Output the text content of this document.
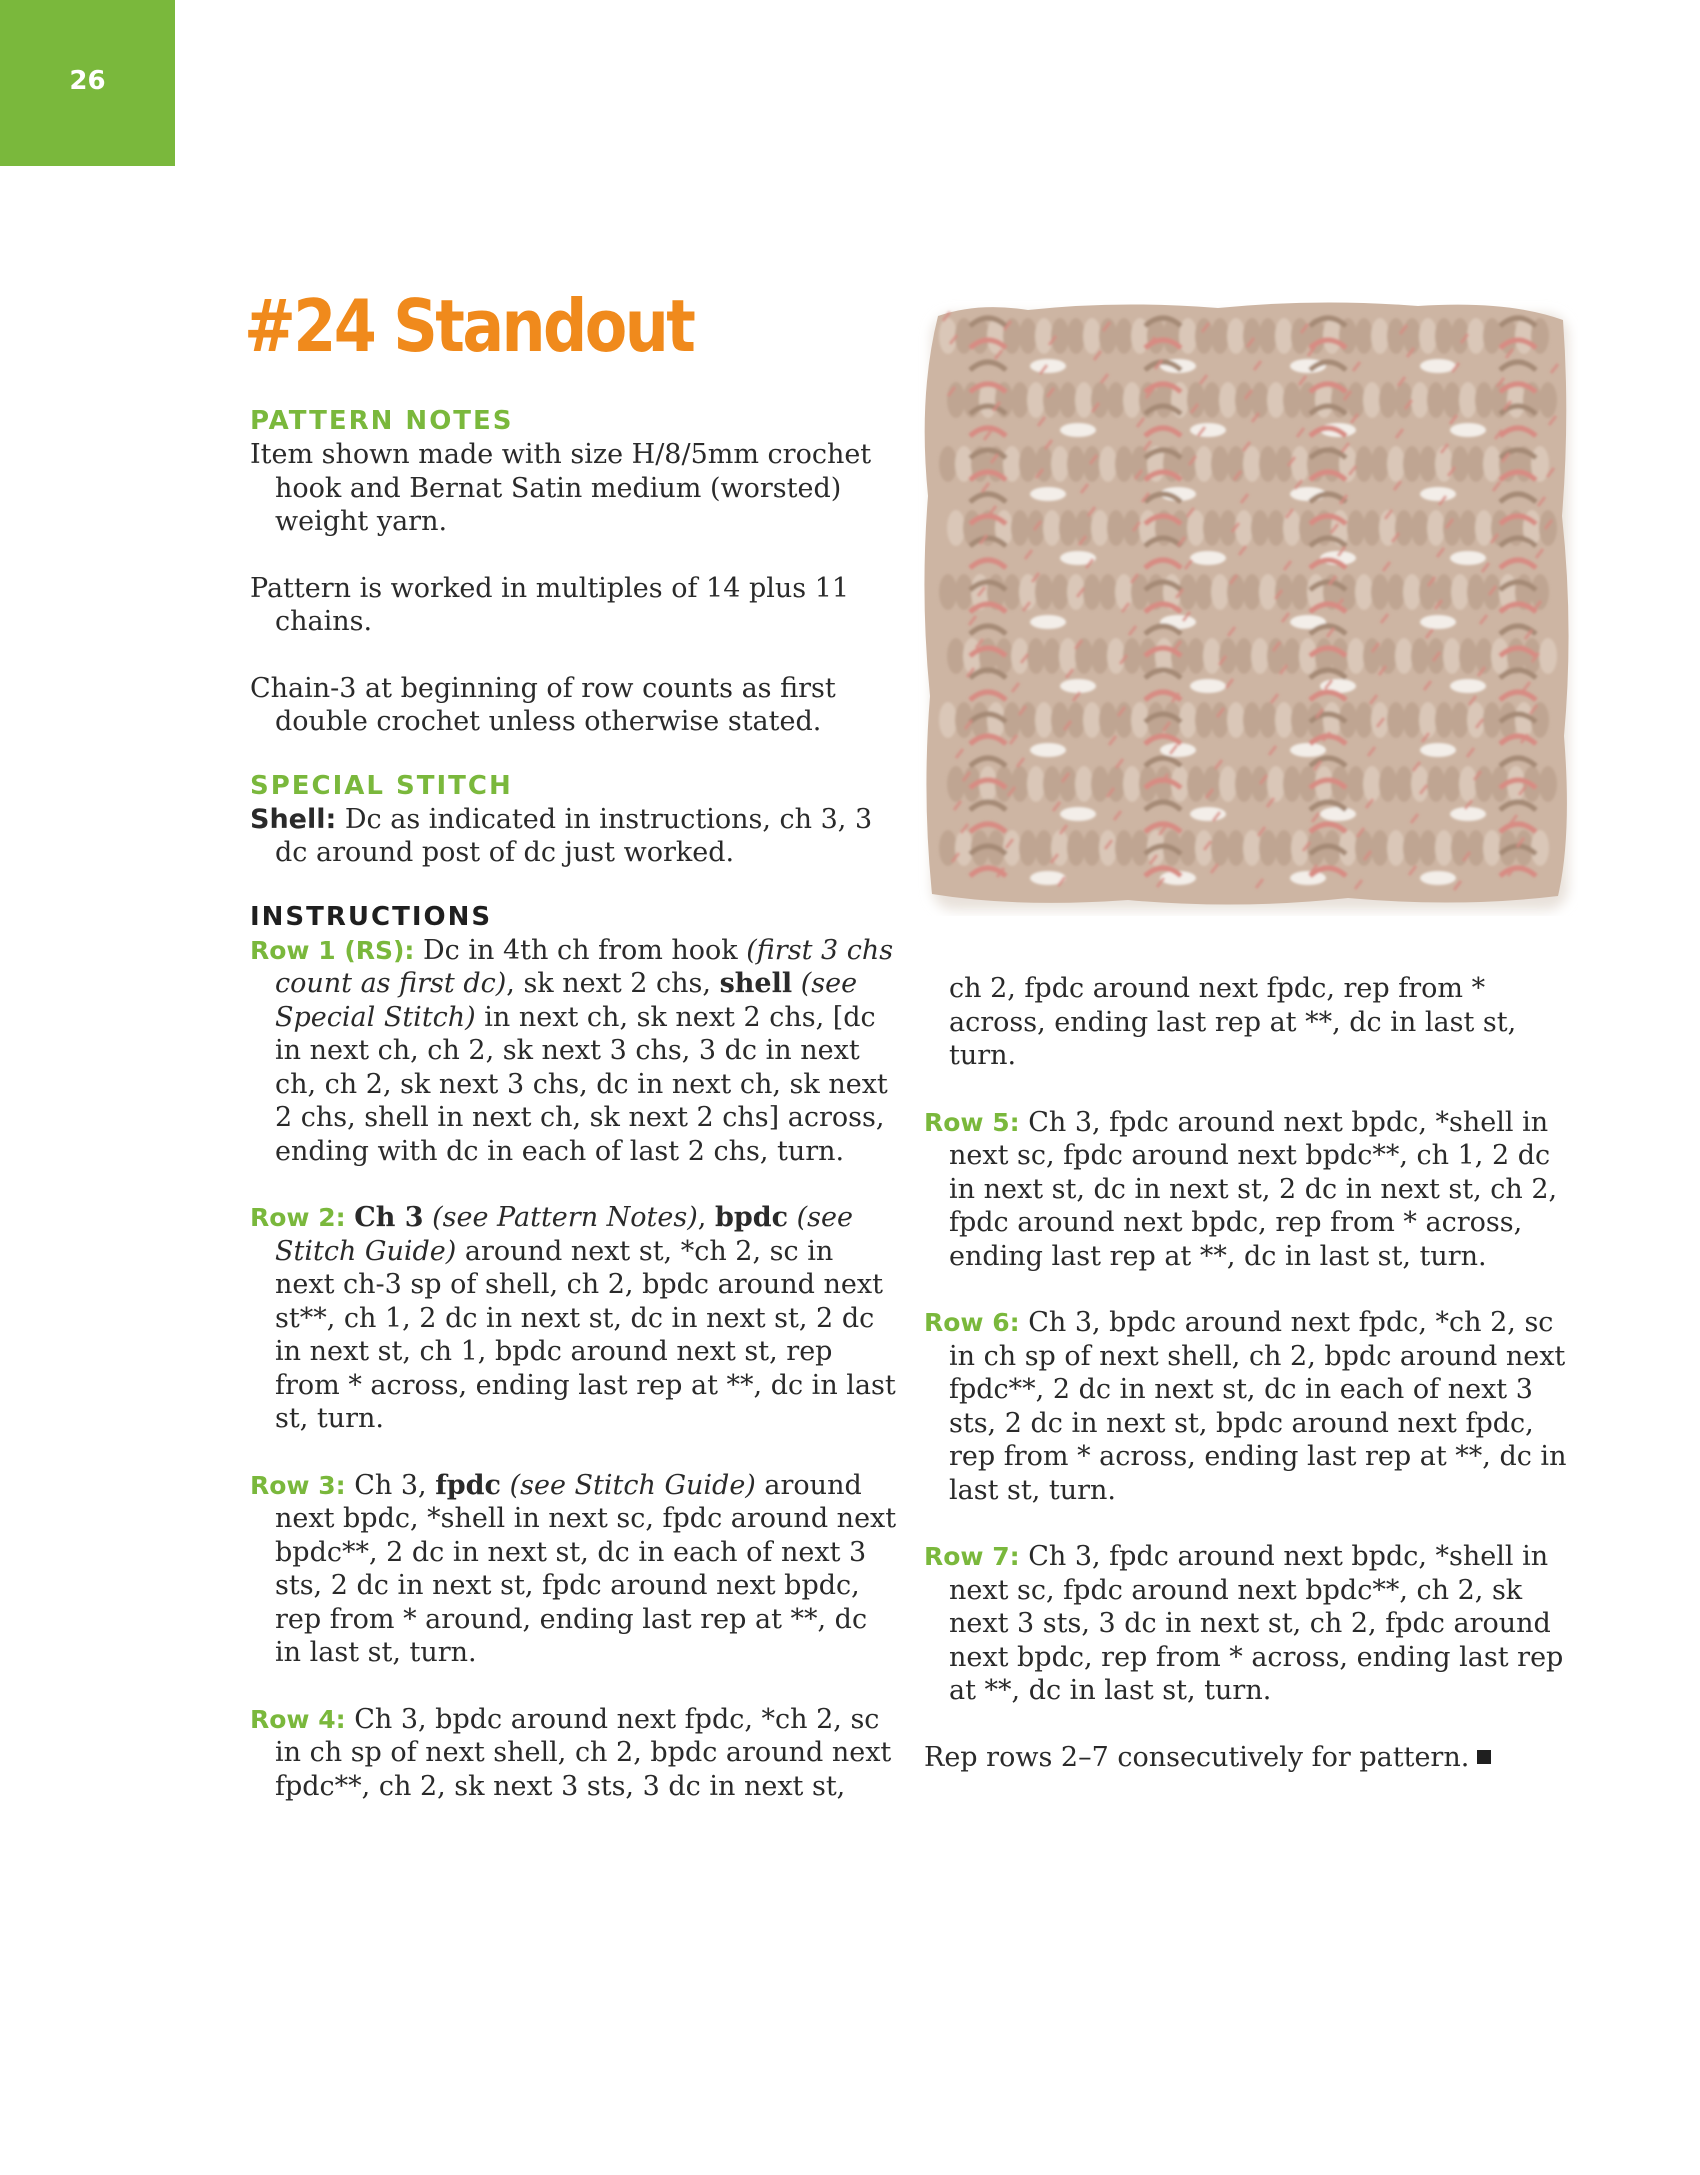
26
#24 Standout

PATTERN NOTES

Item shown made with size H/8/5mm crochet hook and Bernat Satin medium (worsted) weight yarn.

Pattern is worked in multiples of 14 plus 11 chains.

Chain-3 at beginning of row counts as first double crochet unless otherwise stated.

SPECIAL STITCH

Shell: Dc as indicated in instructions, ch 3, 3 dc around post of dc just worked.

INSTRUCTIONS

Row 1 (RS): Dc in 4th ch from hook (first 3 chs count as first dc), sk next 2 chs, shell (see Special Stitch) in next ch, sk next 2 chs, [dc in next ch, ch 2, sk next 3 chs, 3 dc in next ch, ch 2, sk next 3 chs, dc in next ch, sk next 2 chs, shell in next ch, sk next 2 chs] across, ending with dc in each of last 2 chs, turn.

Row 2: Ch 3 (see Pattern Notes), bpdc (see Stitch Guide) around next st, *ch 2, sc in next ch-3 sp of shell, ch 2, bpdc around next st**, ch 1, 2 dc in next st, dc in next st, 2 dc in next st, ch 1, bpdc around next st, rep from * across, ending last rep at **, dc in last st, turn.

Row 3: Ch 3, fpdc (see Stitch Guide) around next bpdc, *shell in next sc, fpdc around next bpdc**, 2 dc in next st, dc in each of next 3 sts, 2 dc in next st, fpdc around next bpdc, rep from * around, ending last rep at **, dc in last st, turn.

Row 4: Ch 3, bpdc around next fpdc, *ch 2, sc in ch sp of next shell, ch 2, bpdc around next fpdc**, ch 2, sk next 3 sts, 3 dc in next st,

ch 2, fpdc around next fpdc, rep from * across, ending last rep at **, dc in last st, turn.

Row 5: Ch 3, fpdc around next bpdc, *shell in next sc, fpdc around next bpdc**, ch 1, 2 dc in next st, dc in next st, 2 dc in next st, ch 2, fpdc around next bpdc, rep from * across, ending last rep at **, dc in last st, turn.

Row 6: Ch 3, bpdc around next fpdc, *ch 2, sc in ch sp of next shell, ch 2, bpdc around next fpdc**, 2 dc in next st, dc in each of next 3 sts, 2 dc in next st, bpdc around next fpdc, rep from * across, ending last rep at **, dc in last st, turn.

Row 7: Ch 3, fpdc around next bpdc, *shell in next sc, fpdc around next bpdc**, ch 2, sk next 3 sts, 3 dc in next st, ch 2, fpdc around next bpdc, rep from * across, ending last rep at **, dc in last st, turn.

Rep rows 2–7 consecutively for pattern.
